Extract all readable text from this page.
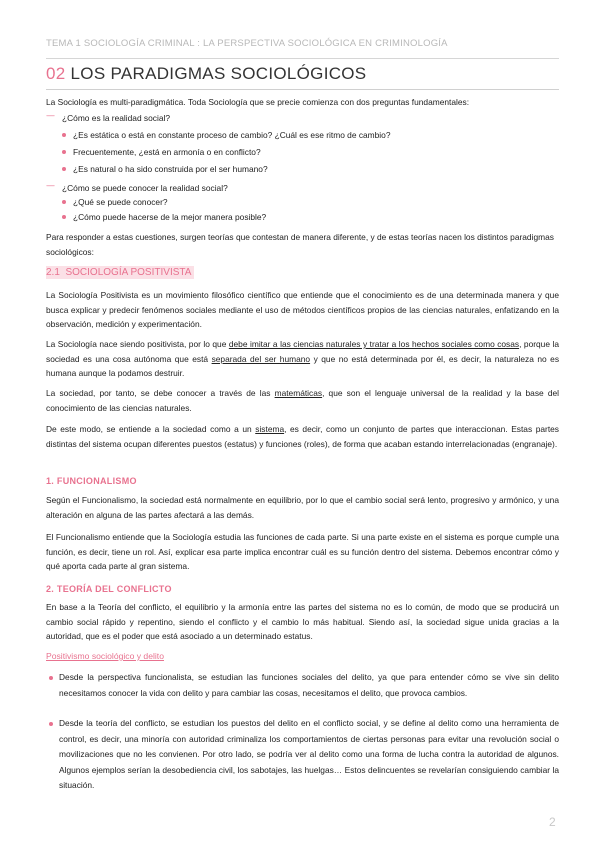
TEMA 1 SOCIOLOGÍA CRIMINAL : LA PERSPECTIVA SOCIOLÓGICA EN CRIMINOLOGÍA
02 LOS PARADIGMAS SOCIOLÓGICOS
La Sociología es multi-paradigmática. Toda Sociología que se precie comienza con dos preguntas fundamentales:
— ¿Cómo es la realidad social?
¿Es estática o está en constante proceso de cambio? ¿Cuál es ese ritmo de cambio?
Frecuentemente, ¿está en armonía o en conflicto?
¿Es natural o ha sido construida por el ser humano?
— ¿Cómo se puede conocer la realidad social?
¿Qué se puede conocer?
¿Cómo puede hacerse de la mejor manera posible?
Para responder a estas cuestiones, surgen teorías que contestan de manera diferente, y de estas teorías nacen los distintos paradigmas sociológicos:
2.1 SOCIOLOGÍA POSITIVISTA
La Sociología Positivista es un movimiento filosófico científico que entiende que el conocimiento es de una determinada manera y que busca explicar y predecir fenómenos sociales mediante el uso de métodos científicos propios de las ciencias naturales, enfatizando en la observación, medición y experimentación.
La Sociología nace siendo positivista, por lo que debe imitar a las ciencias naturales y tratar a los hechos sociales como cosas, porque la sociedad es una cosa autónoma que está separada del ser humano y que no está determinada por él, es decir, la naturaleza no es humana aunque la podamos destruir.
La sociedad, por tanto, se debe conocer a través de las matemáticas, que son el lenguaje universal de la realidad y la base del conocimiento de las ciencias naturales.
De este modo, se entiende a la sociedad como a un sistema, es decir, como un conjunto de partes que interaccionan. Estas partes distintas del sistema ocupan diferentes puestos (estatus) y funciones (roles), de forma que acaban estando interrelacionadas (engranaje).
1. FUNCIONALISMO
Según el Funcionalismo, la sociedad está normalmente en equilibrio, por lo que el cambio social será lento, progresivo y armónico, y una alteración en alguna de las partes afectará a las demás.
El Funcionalismo entiende que la Sociología estudia las funciones de cada parte. Si una parte existe en el sistema es porque cumple una función, es decir, tiene un rol. Así, explicar esa parte implica encontrar cuál es su función dentro del sistema. Debemos encontrar cómo y qué aporta cada parte al gran sistema.
2. TEORÍA DEL CONFLICTO
En base a la Teoría del conflicto, el equilibrio y la armonía entre las partes del sistema no es lo común, de modo que se producirá un cambio social rápido y repentino, siendo el conflicto y el cambio lo más habitual. Siendo así, la sociedad sigue unida gracias a la autoridad, que es el poder que está asociado a un determinado estatus.
Positivismo sociológico y delito
Desde la perspectiva funcionalista, se estudian las funciones sociales del delito, ya que para entender cómo se vive sin delito necesitamos conocer la vida con delito y para cambiar las cosas, necesitamos el delito, que provoca cambios.
Desde la teoría del conflicto, se estudian los puestos del delito en el conflicto social, y se define al delito como una herramienta de control, es decir, una minoría con autoridad criminaliza los comportamientos de ciertas personas para evitar una revolución social o movilizaciones que no les convienen. Por otro lado, se podría ver al delito como una forma de lucha contra la autoridad de algunos. Algunos ejemplos serían la desobediencia civil, los sabotajes, las huelgas… Estos delincuentes se revelarían consiguiendo cambiar la situación.
2
